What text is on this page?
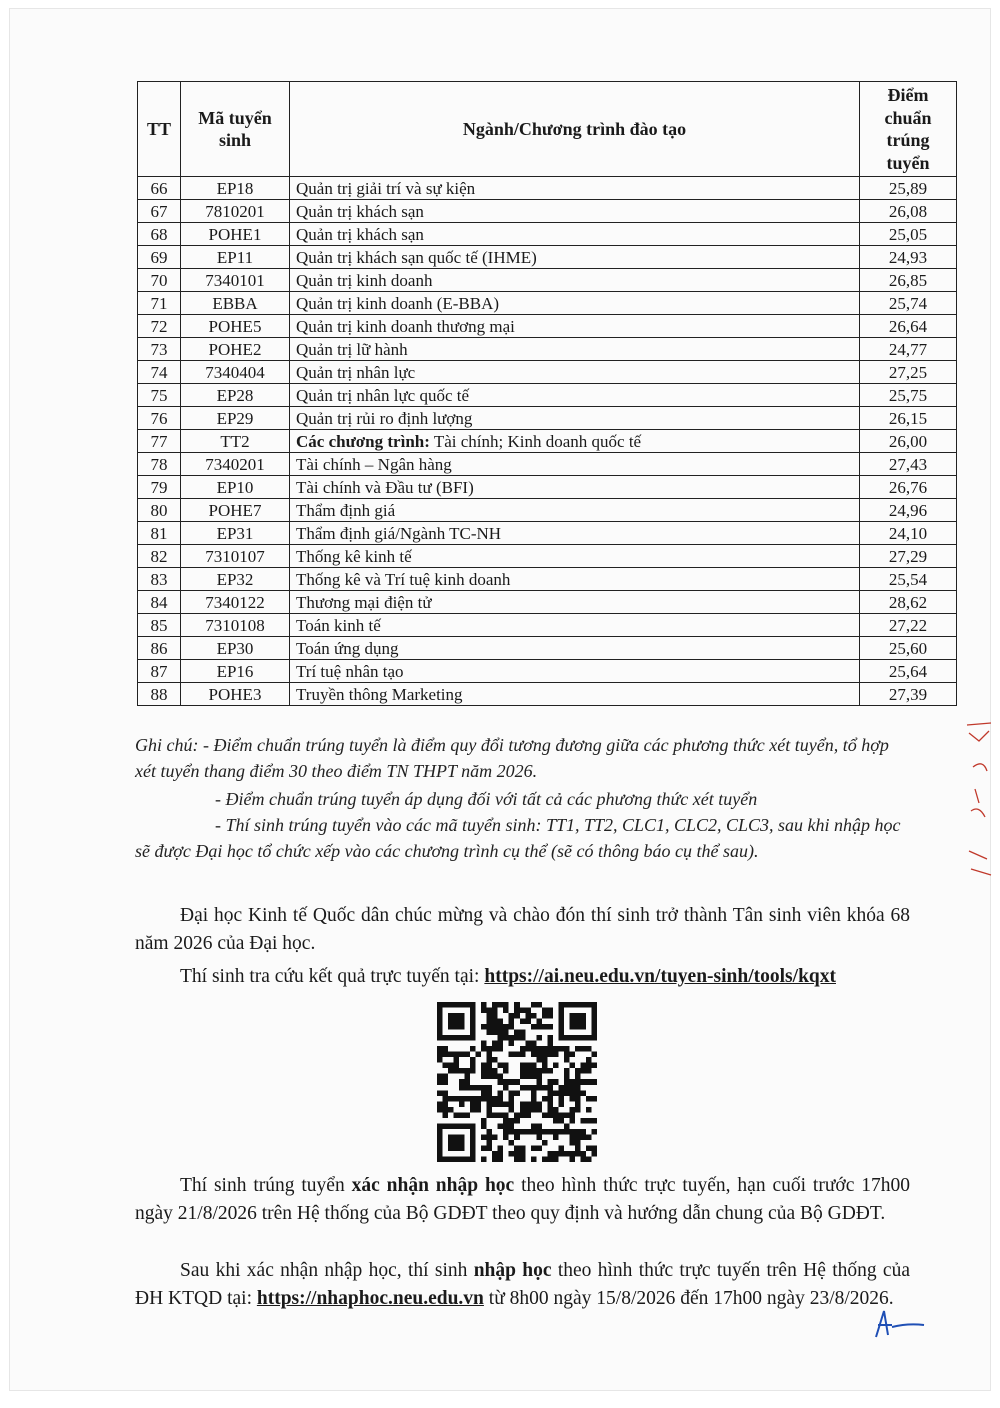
TT	Mã tuyển sinh	Ngành/Chương trình đào tạo	Điểm chuẩn trúng tuyển
66	EP18	Quản trị giải trí và sự kiện	25,89
67	7810201	Quản trị khách sạn	26,08
68	POHE1	Quản trị khách sạn	25,05
69	EP11	Quản trị khách sạn quốc tế (IHME)	24,93
70	7340101	Quản trị kinh doanh	26,85
71	EBBA	Quản trị kinh doanh (E-BBA)	25,74
72	POHE5	Quản trị kinh doanh thương mại	26,64
73	POHE2	Quản trị lữ hành	24,77
74	7340404	Quản trị nhân lực	27,25
75	EP28	Quản trị nhân lực quốc tế	25,75
76	EP29	Quản trị rủi ro định lượng	26,15
77	TT2	Các chương trình: Tài chính; Kinh doanh quốc tế	26,00
78	7340201	Tài chính – Ngân hàng	27,43
79	EP10	Tài chính và Đầu tư (BFI)	26,76
80	POHE7	Thẩm định giá	24,96
81	EP31	Thẩm định giá/Ngành TC-NH	24,10
82	7310107	Thống kê kinh tế	27,29
83	EP32	Thống kê và Trí tuệ kinh doanh	25,54
84	7340122	Thương mại điện tử	28,62
85	7310108	Toán kinh tế	27,22
86	EP30	Toán ứng dụng	25,60
87	EP16	Trí tuệ nhân tạo	25,64
88	POHE3	Truyền thông Marketing	27,39
Ghi chú: - Điểm chuẩn trúng tuyển là điểm quy đổi tương đương giữa các phương thức xét tuyển, tổ hợp xét tuyển thang điểm 30 theo điểm TN THPT năm 2026.
- Điểm chuẩn trúng tuyển áp dụng đối với tất cả các phương thức xét tuyển
- Thí sinh trúng tuyển vào các mã tuyển sinh: TT1, TT2, CLC1, CLC2, CLC3, sau khi nhập học sẽ được Đại học tổ chức xếp vào các chương trình cụ thể (sẽ có thông báo cụ thể sau).
Đại học Kinh tế Quốc dân chúc mừng và chào đón thí sinh trở thành Tân sinh viên khóa 68 năm 2026 của Đại học.
Thí sinh tra cứu kết quả trực tuyến tại: https://ai.neu.edu.vn/tuyen-sinh/tools/kqxt
Thí sinh trúng tuyển xác nhận nhập học theo hình thức trực tuyến, hạn cuối trước 17h00 ngày 21/8/2026 trên Hệ thống của Bộ GDĐT theo quy định và hướng dẫn chung của Bộ GDĐT.
Sau khi xác nhận nhập học, thí sinh nhập học theo hình thức trực tuyến trên Hệ thống của ĐH KTQD tại: https://nhaphoc.neu.edu.vn từ 8h00 ngày 15/8/2026 đến 17h00 ngày 23/8/2026.
